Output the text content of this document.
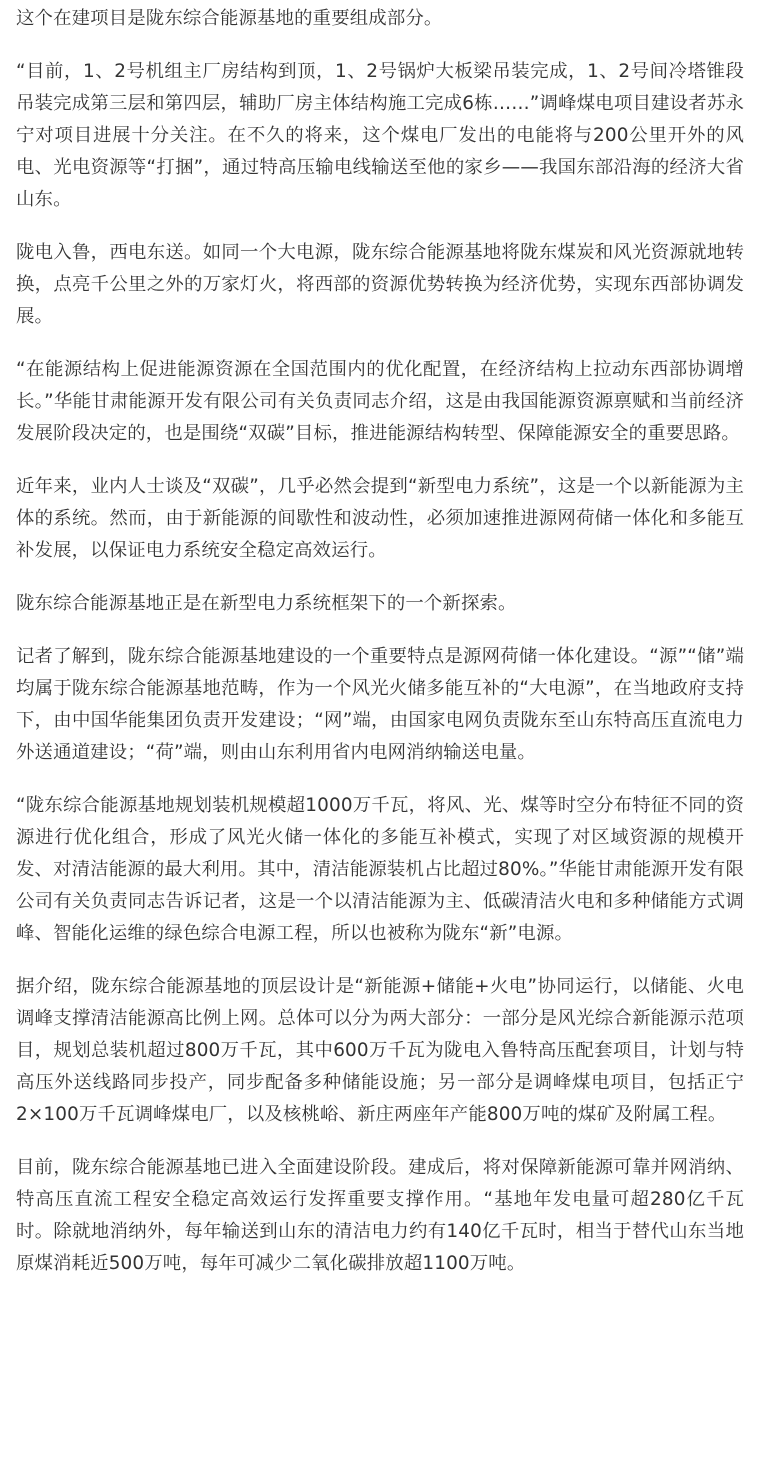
这个在建项目是陇东综合能源基地的重要组成部分。

“目前，1、2号机组主厂房结构到顶，1、2号锅炉大板梁吊装完成，1、2号间冷塔锥段吊装完成第三层和第四层，辅助厂房主体结构施工完成6栋……”调峰煤电项目建设者苏永宁对项目进展十分关注。在不久的将来，这个煤电厂发出的电能将与200公里开外的风电、光电资源等“打捆”，通过特高压输电线输送至他的家乡——我国东部沿海的经济大省山东。

陇电入鲁，西电东送。如同一个大电源，陇东综合能源基地将陇东煤炭和风光资源就地转换，点亮千公里之外的万家灯火，将西部的资源优势转换为经济优势，实现东西部协调发展。

“在能源结构上促进能源资源在全国范围内的优化配置，在经济结构上拉动东西部协调增长。”华能甘肃能源开发有限公司有关负责同志介绍，这是由我国能源资源禀赋和当前经济发展阶段决定的，也是围绕“双碳”目标，推进能源结构转型、保障能源安全的重要思路。

近年来，业内人士谈及“双碳”，几乎必然会提到“新型电力系统”，这是一个以新能源为主体的系统。然而，由于新能源的间歇性和波动性，必须加速推进源网荷储一体化和多能互补发展，以保证电力系统安全稳定高效运行。

陇东综合能源基地正是在新型电力系统框架下的一个新探索。

记者了解到，陇东综合能源基地建设的一个重要特点是源网荷储一体化建设。“源”“储”端均属于陇东综合能源基地范畴，作为一个风光火储多能互补的“大电源”，在当地政府支持下，由中国华能集团负责开发建设；“网”端，由国家电网负责陇东至山东特高压直流电力外送通道建设；“荷”端，则由山东利用省内电网消纳输送电量。

“陇东综合能源基地规划装机规模超1000万千瓦，将风、光、煤等时空分布特征不同的资源进行优化组合，形成了风光火储一体化的多能互补模式，实现了对区域资源的规模开发、对清洁能源的最大利用。其中，清洁能源装机占比超过80%。”华能甘肃能源开发有限公司有关负责同志告诉记者，这是一个以清洁能源为主、低碳清洁火电和多种储能方式调峰、智能化运维的绿色综合电源工程，所以也被称为陇东“新”电源。

据介绍，陇东综合能源基地的顶层设计是“新能源+储能+火电”协同运行，以储能、火电调峰支撑清洁能源高比例上网。总体可以分为两大部分：一部分是风光综合新能源示范项目，规划总装机超过800万千瓦，其中600万千瓦为陇电入鲁特高压配套项目，计划与特高压外送线路同步投产，同步配备多种储能设施；另一部分是调峰煤电项目，包括正宁2×100万千瓦调峰煤电厂，以及核桃峪、新庄两座年产能800万吨的煤矿及附属工程。

目前，陇东综合能源基地已进入全面建设阶段。建成后，将对保障新能源可靠并网消纳、特高压直流工程安全稳定高效运行发挥重要支撑作用。“基地年发电量可超280亿千瓦时。除就地消纳外，每年输送到山东的清洁电力约有140亿千瓦时，相当于替代山东当地原煤消耗近500万吨，每年可减少二氧化碳排放超1100万吨。
